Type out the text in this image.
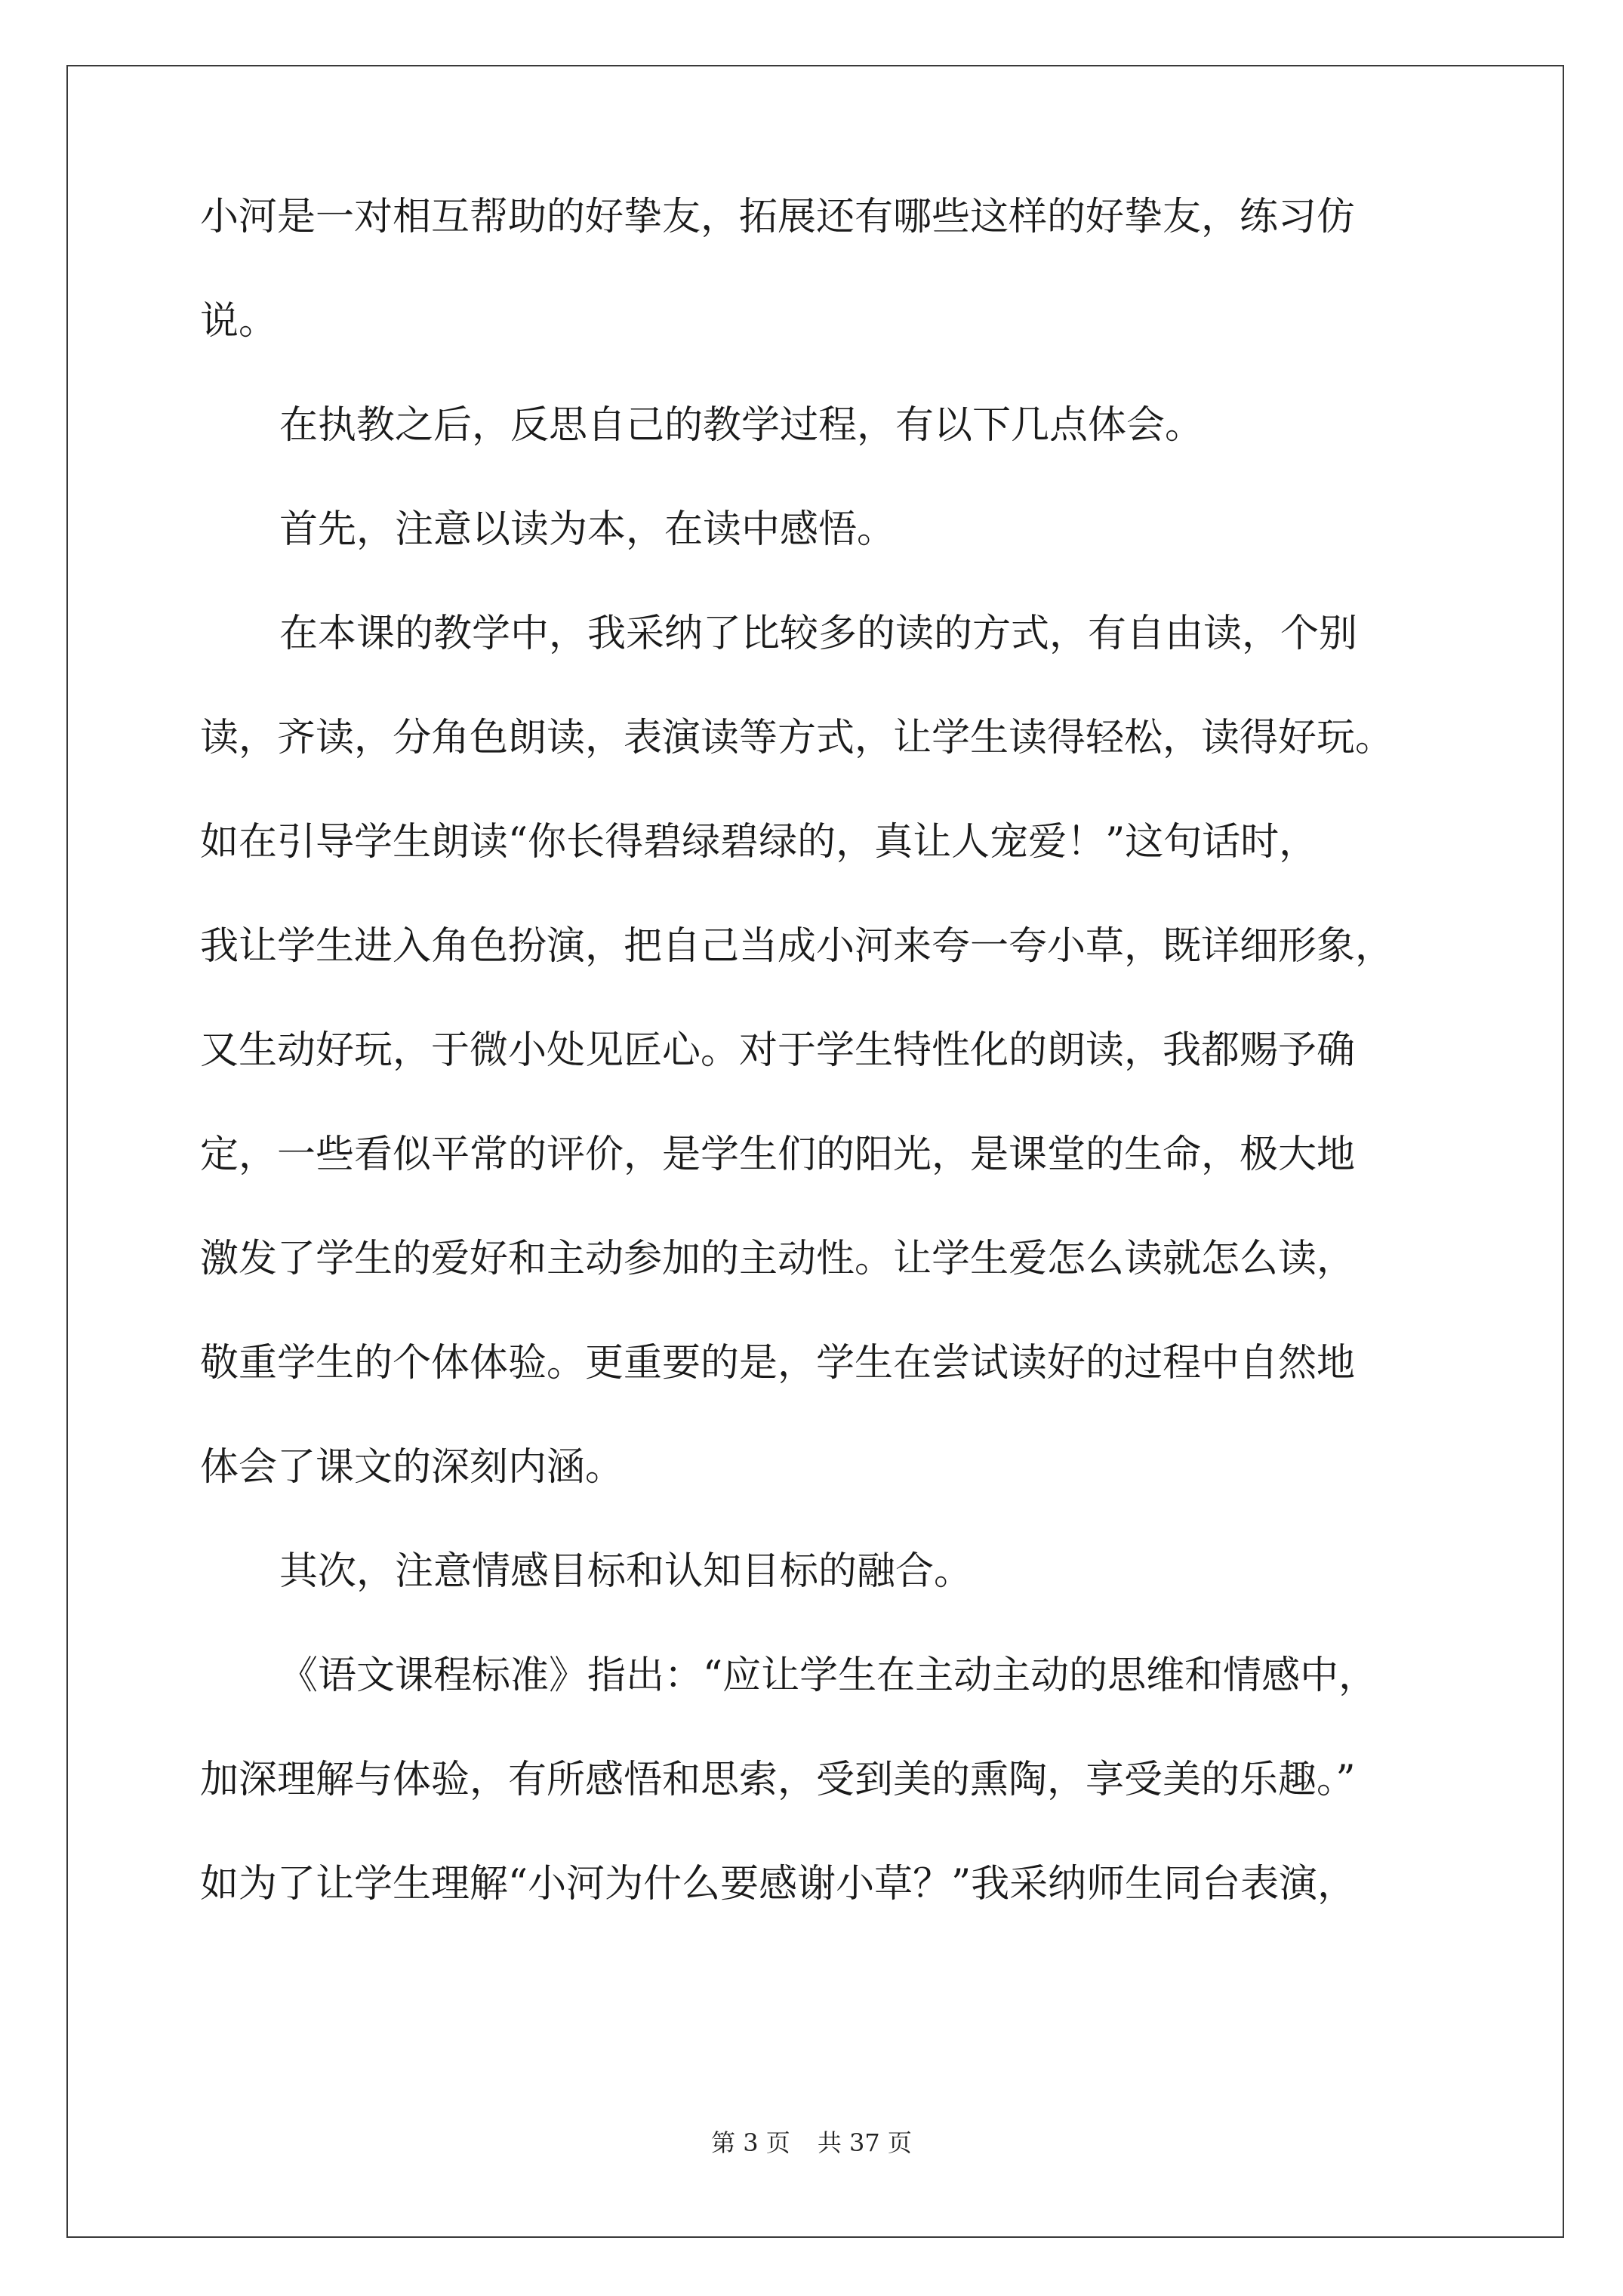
小河是一对相互帮助的好挚友，拓展还有哪些这样的好挚友，练习仿
说。
在执教之后，反思自己的教学过程，有以下几点体会。
首先，注意以读为本，在读中感悟。
在本课的教学中，我采纳了比较多的读的方式，有自由读，个别
读，齐读，分角色朗读，表演读等方式，让学生读得轻松，读得好玩。
如在引导学生朗读“你长得碧绿碧绿的，真让人宠爱！”这句话时，
我让学生进入角色扮演，把自己当成小河来夸一夸小草，既详细形象，
又生动好玩，于微小处见匠心。对于学生特性化的朗读，我都赐予确
定，一些看似平常的评价，是学生们的阳光，是课堂的生命，极大地
激发了学生的爱好和主动参加的主动性。让学生爱怎么读就怎么读，
敬重学生的个体体验。更重要的是，学生在尝试读好的过程中自然地
体会了课文的深刻内涵。
其次，注意情感目标和认知目标的融合。
《语文课程标准》指出：“应让学生在主动主动的思维和情感中，
加深理解与体验，有所感悟和思索，受到美的熏陶，享受美的乐趣。”
如为了让学生理解“小河为什么要感谢小草？”我采纳师生同台表演，
第 3 页 共 37 页
